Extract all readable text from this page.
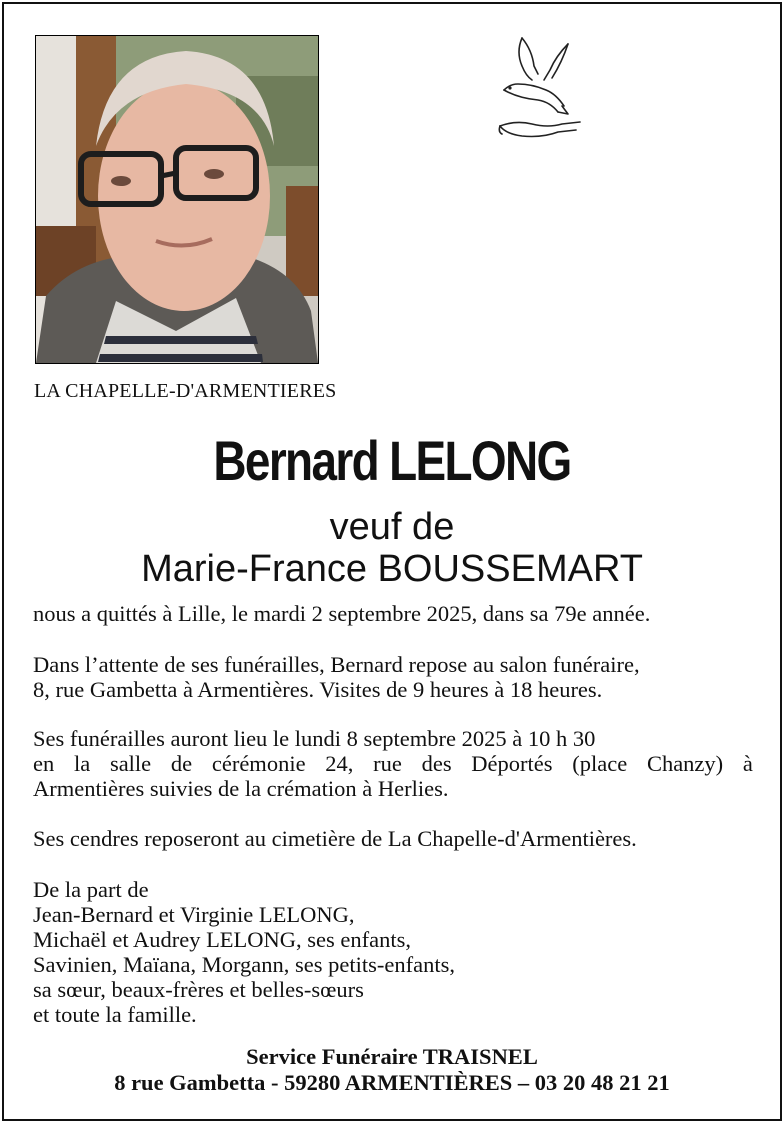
LA CHAPELLE-D'ARMENTIERES
Bernard LELONG
veuf de
Marie-France BOUSSEMART
nous a quittés à Lille, le mardi 2 septembre 2025, dans sa 79e année.
Dans l’attente de ses funérailles, Bernard repose au salon funéraire,
8, rue Gambetta à Armentières. Visites de 9 heures à 18 heures.
Ses funérailles auront lieu le lundi 8 septembre 2025 à 10 h 30
en la salle de cérémonie 24, rue des Déportés (place Chanzy) à
Armentières suivies de la crémation à Herlies.
Ses cendres reposeront au cimetière de La Chapelle-d'Armentières.
De la part de
Jean-Bernard et Virginie LELONG,
Michaël et Audrey LELONG, ses enfants,
Savinien, Maïana, Morgann, ses petits-enfants,
sa sœur, beaux-frères et belles-sœurs
et toute la famille.
Service Funéraire TRAISNEL
8 rue Gambetta - 59280 ARMENTIÈRES – 03 20 48 21 21
